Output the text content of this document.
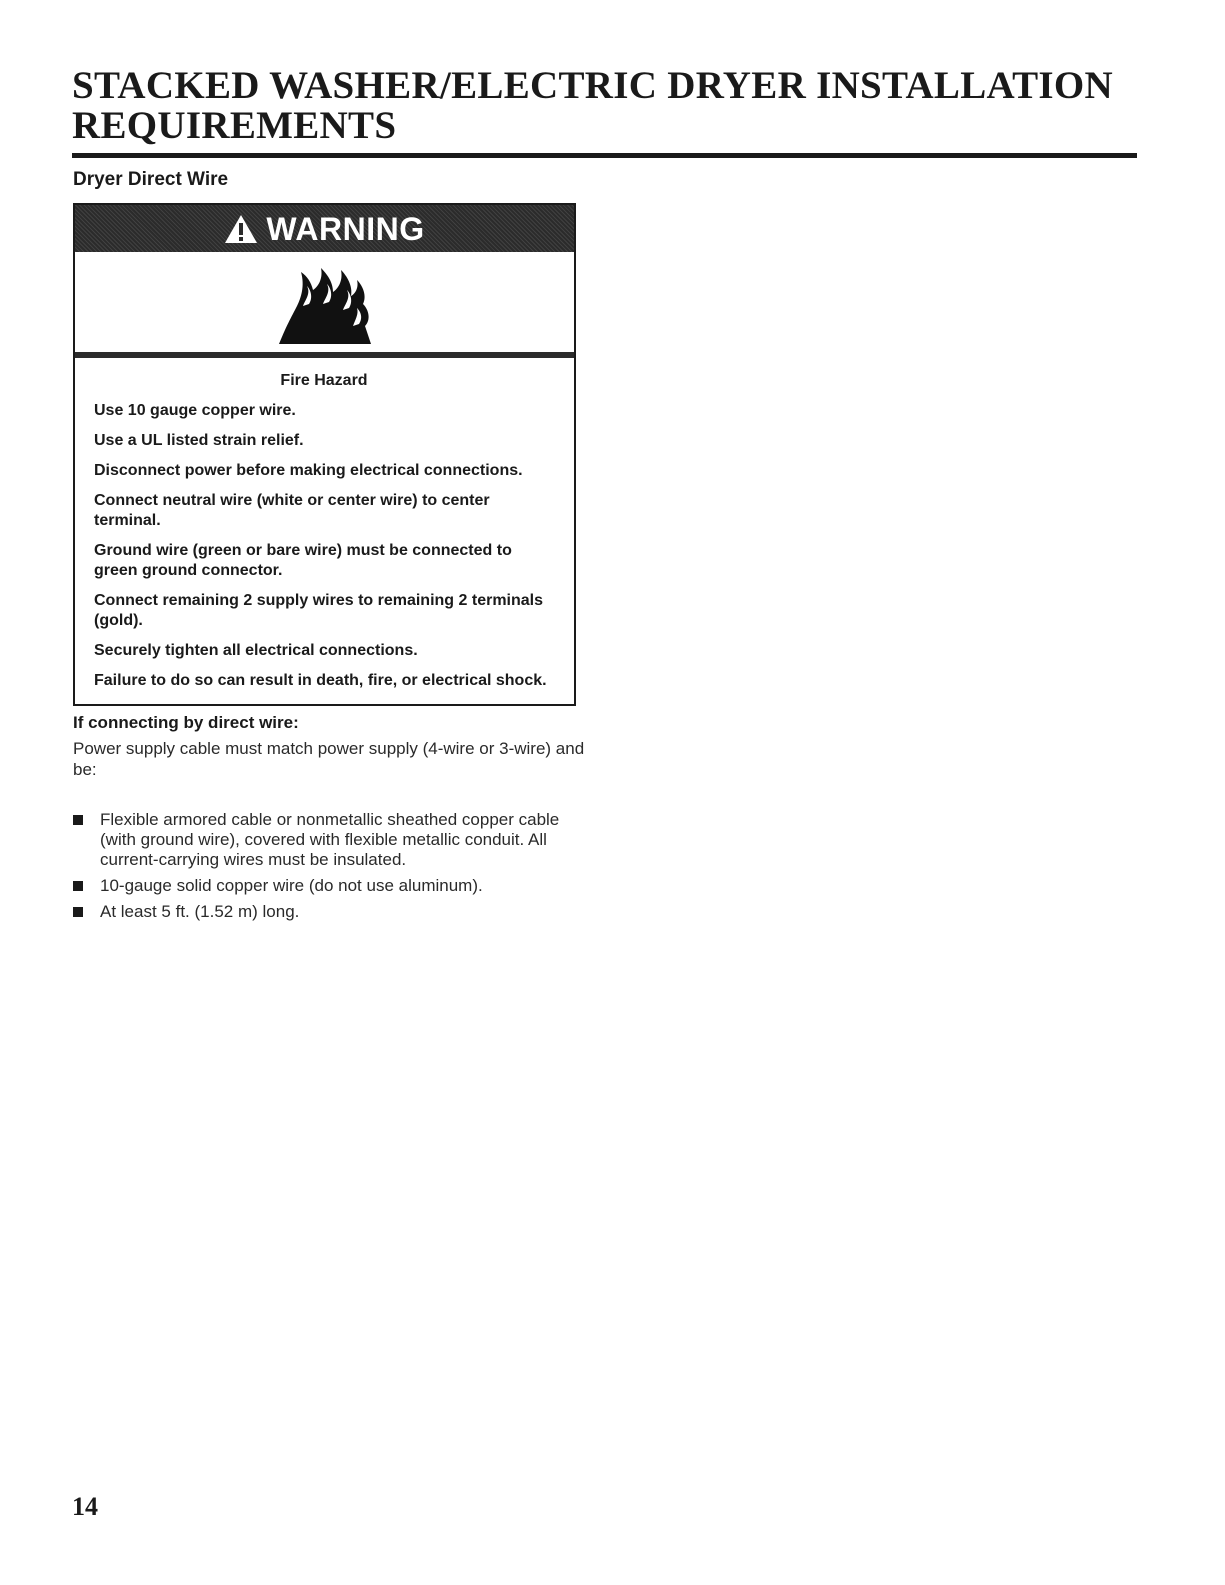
STACKED WASHER/ELECTRIC DRYER INSTALLATION REQUIREMENTS
Dryer Direct Wire
WARNING

Fire Hazard

Use 10 gauge copper wire.

Use a UL listed strain relief.

Disconnect power before making electrical connections.

Connect neutral wire (white or center wire) to center terminal.

Ground wire (green or bare wire) must be connected to green ground connector.

Connect remaining 2 supply wires to remaining 2 terminals (gold).

Securely tighten all electrical connections.

Failure to do so can result in death, fire, or electrical shock.

If connecting by direct wire:

Power supply cable must match power supply (4-wire or 3-wire) and be:

Flexible armored cable or nonmetallic sheathed copper cable (with ground wire), covered with flexible metallic conduit. All current-carrying wires must be insulated.
10-gauge solid copper wire (do not use aluminum).
At least 5 ft. (1.52 m) long.

14
